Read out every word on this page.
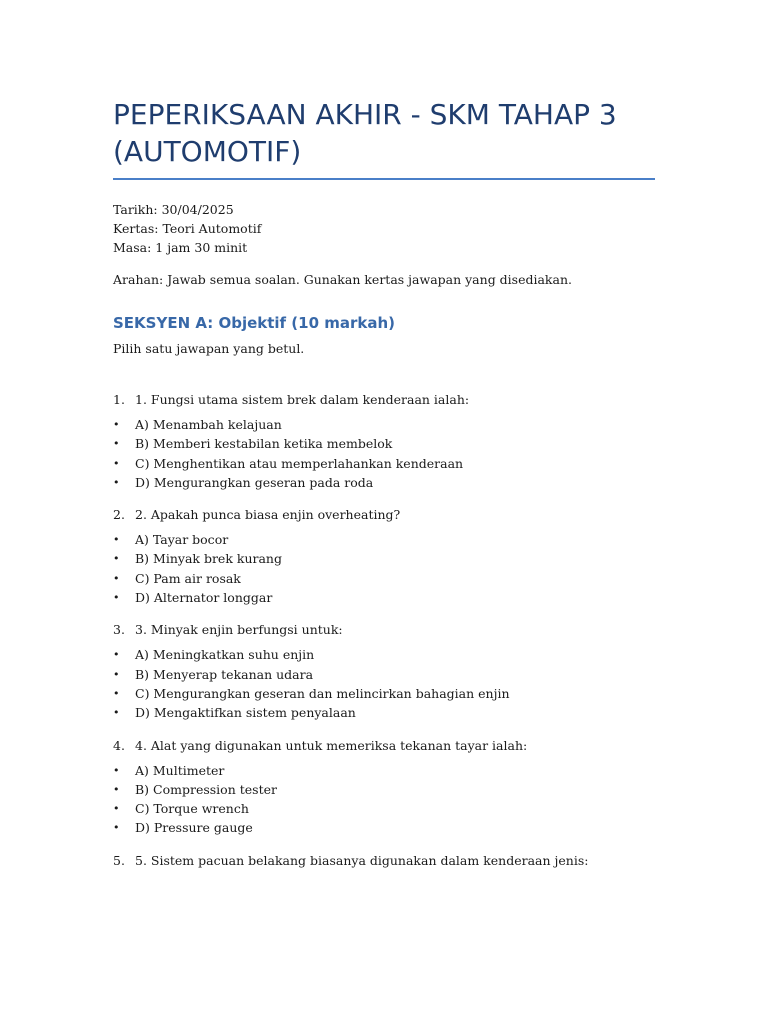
PEPERIKSAAN AKHIR - SKM TAHAP 3 (AUTOMOTIF)
Tarikh: 30/04/2025
Kertas: Teori Automotif
Masa: 1 jam 30 minit
Arahan: Jawab semua soalan. Gunakan kertas jawapan yang disediakan.
SEKSYEN A: Objektif (10 markah)
Pilih satu jawapan yang betul.
1. 1. Fungsi utama sistem brek dalam kenderaan ialah:
•	A) Menambah kelajuan
•	B) Memberi kestabilan ketika membelok
•	C) Menghentikan atau memperlahankan kenderaan
•	D) Mengurangkan geseran pada roda
2. 2. Apakah punca biasa enjin overheating?
•	A) Tayar bocor
•	B) Minyak brek kurang
•	C) Pam air rosak
•	D) Alternator longgar
3. 3. Minyak enjin berfungsi untuk:
•	A) Meningkatkan suhu enjin
•	B) Menyerap tekanan udara
•	C) Mengurangkan geseran dan melincirkan bahagian enjin
•	D) Mengaktifkan sistem penyalaan
4. 4. Alat yang digunakan untuk memeriksa tekanan tayar ialah:
•	A) Multimeter
•	B) Compression tester
•	C) Torque wrench
•	D) Pressure gauge
5. 5. Sistem pacuan belakang biasanya digunakan dalam kenderaan jenis:
